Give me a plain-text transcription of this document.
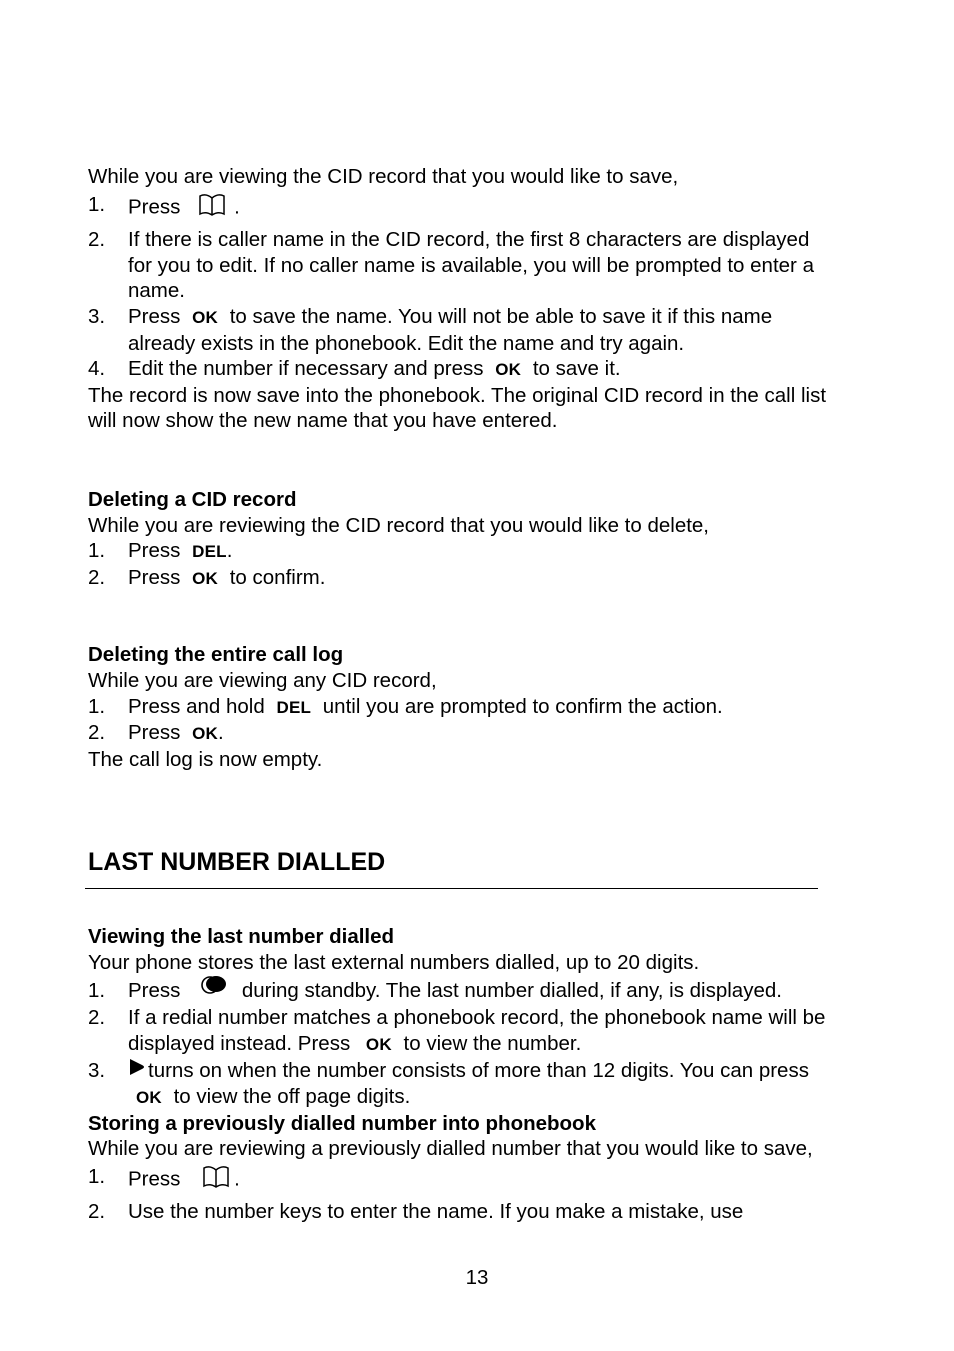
While you are viewing the CID record that you would like to save,

1. Press	.
2. If there is caller name in the CID record, the first 8 characters are displayed for you to edit. If no caller name is available, you will be prompted to enter a name.
3. Press OK to save the name. You will not be able to save it if this name already exists in the phonebook. Edit the name and try again.
4. Edit the number if necessary and press OK to save it.

The record is now save into the phonebook. The original CID record in the call list will now show the new name that you have entered.

Deleting a CID record

While you are reviewing the CID record that you would like to delete,

1. Press DEL.
2. Press OK to confirm.

Deleting the entire call log

While you are viewing any CID record,

1. Press and hold DEL until you are prompted to confirm the action.
2. Press OK.

The call log is now empty.

LAST NUMBER DIALLED

Viewing the last number dialled

Your phone stores the last external numbers dialled, up to 20 digits.

1. Press	during standby. The last number dialled, if any, is displayed.
2. If a redial number matches a phonebook record, the phonebook name will be displayed instead. Press OK to view the number.
3. turns on when the number consists of more than 12 digits. You can press OK to view the off page digits.

Storing a previously dialled number into phonebook

While you are reviewing a previously dialled number that you would like to save,

1. Press	.
2. Use the number keys to enter the name. If you make a mistake, use
13
